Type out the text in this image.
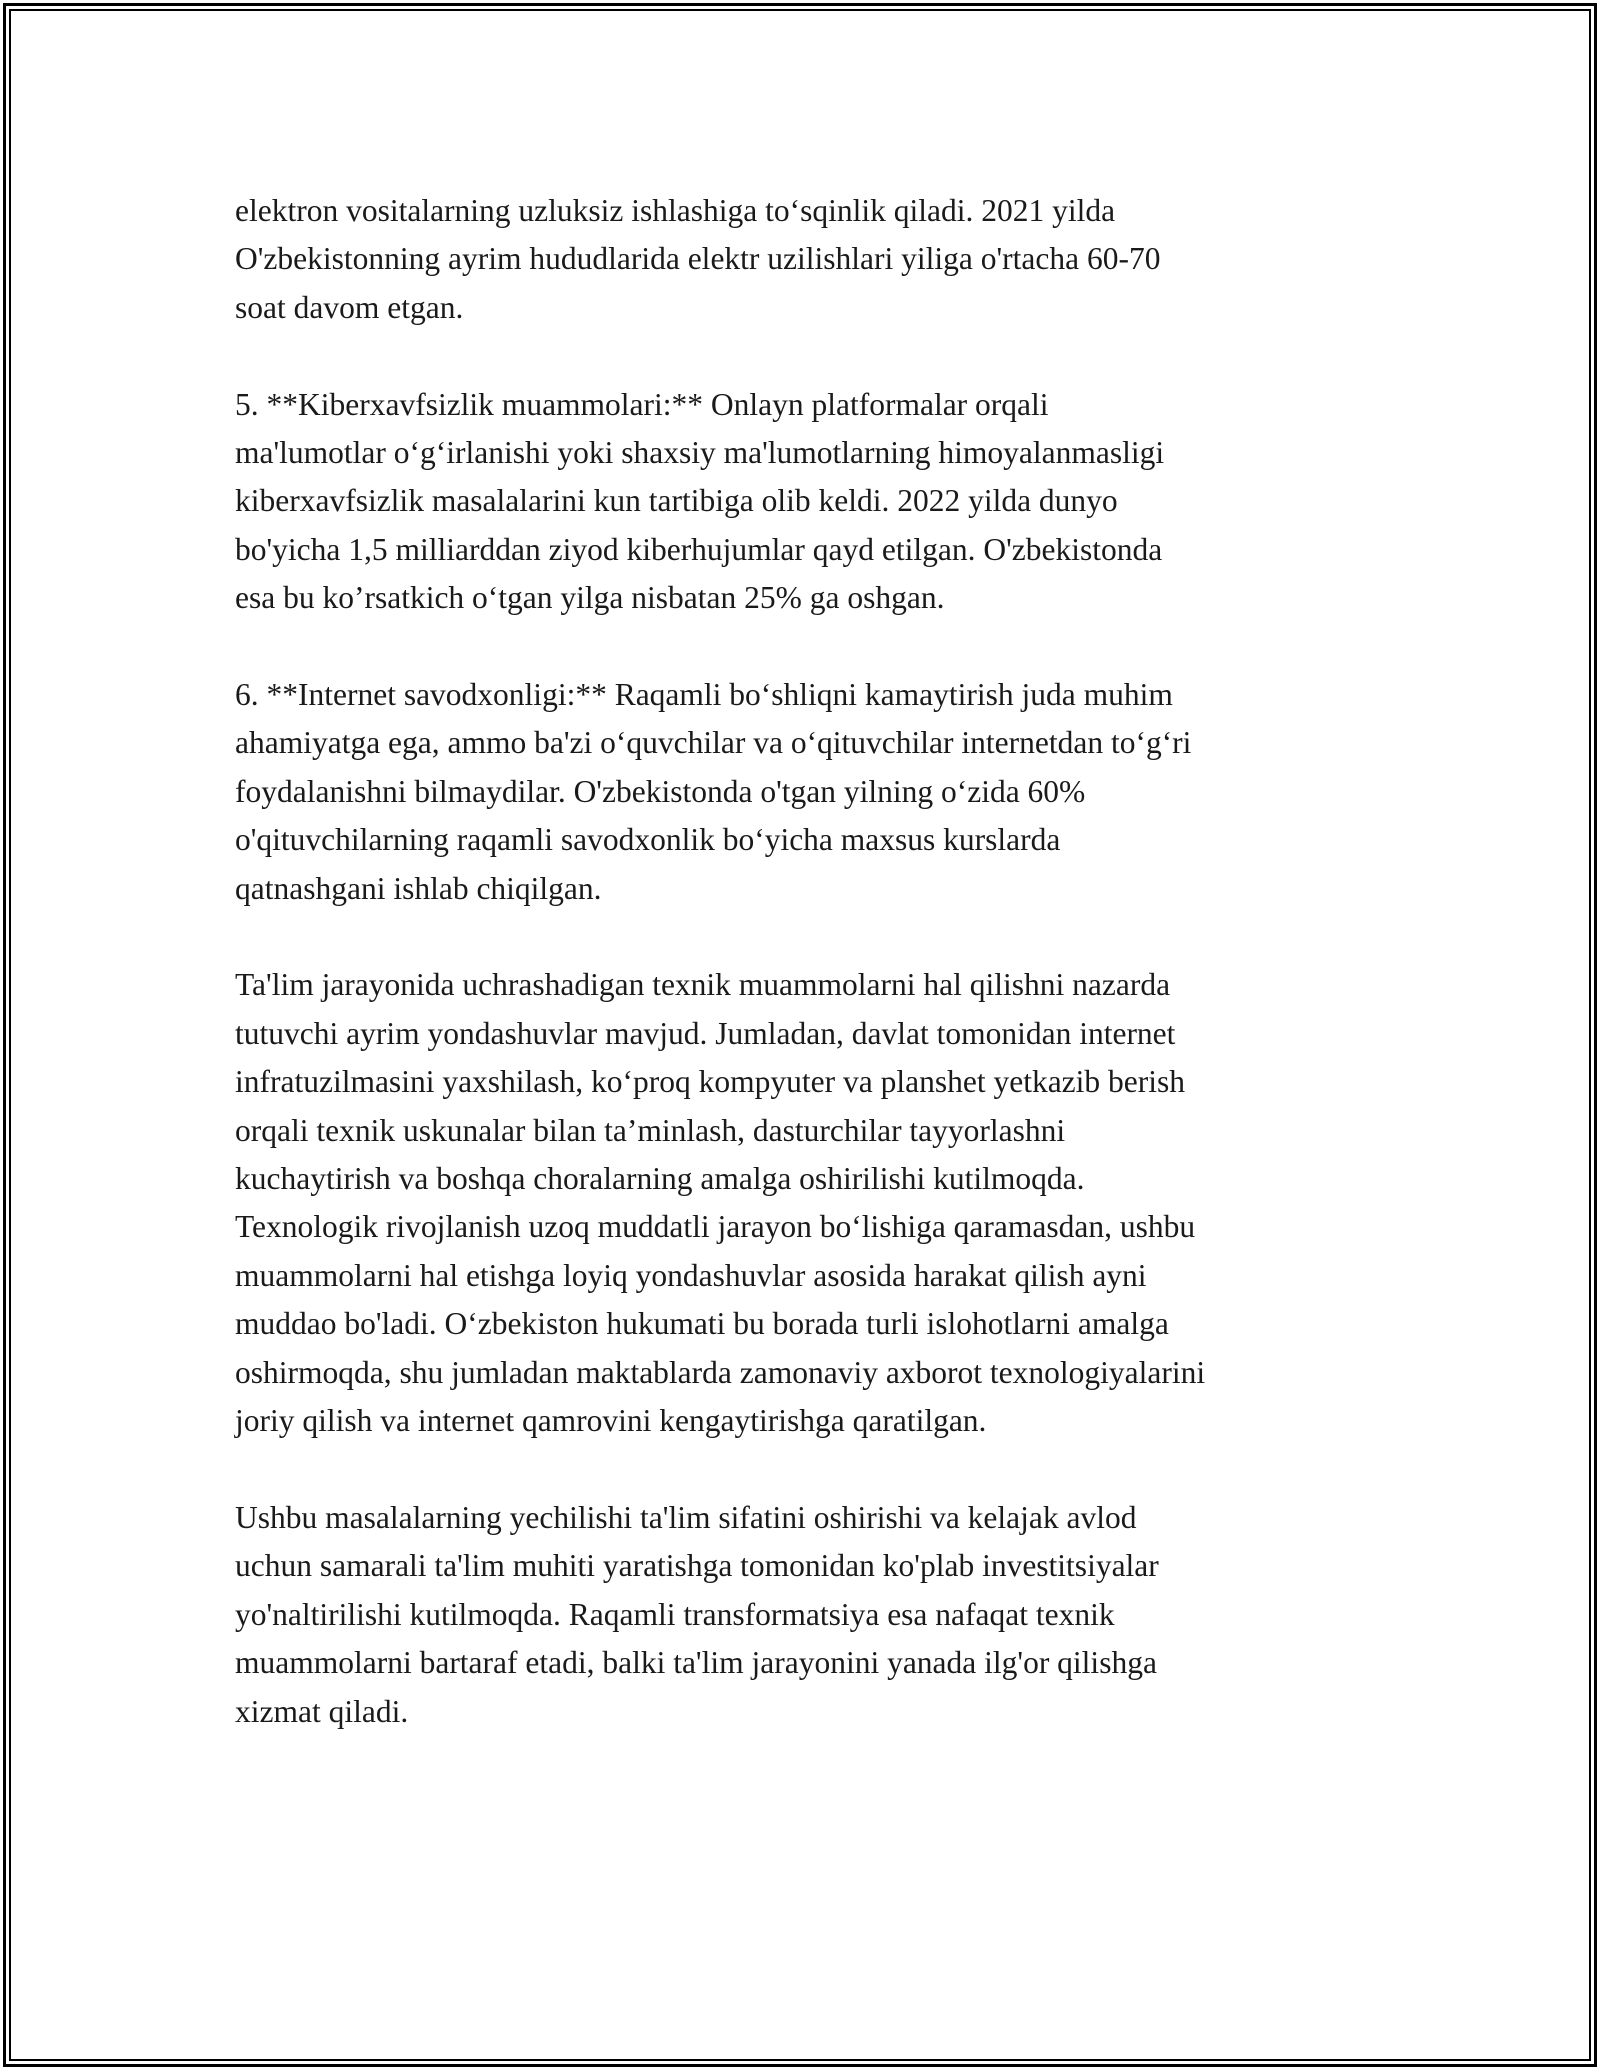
elektron vositalarning uzluksiz ishlashiga to‘sqinlik qiladi. 2021 yilda
O'zbekistonning ayrim hududlarida elektr uzilishlari yiliga o'rtacha 60-70
soat davom etgan.

5. **Kiberxavfsizlik muammolari:** Onlayn platformalar orqali
ma'lumotlar o‘g‘irlanishi yoki shaxsiy ma'lumotlarning himoyalanmasligi
kiberxavfsizlik masalalarini kun tartibiga olib keldi. 2022 yilda dunyo
bo'yicha 1,5 milliarddan ziyod kiberhujumlar qayd etilgan. O'zbekistonda
esa bu ko’rsatkich o‘tgan yilga nisbatan 25% ga oshgan.

6. **Internet savodxonligi:** Raqamli bo‘shliqni kamaytirish juda muhim
ahamiyatga ega, ammo ba'zi o‘quvchilar va o‘qituvchilar internetdan to‘g‘ri
foydalanishni bilmaydilar. O'zbekistonda o'tgan yilning o‘zida 60%
o'qituvchilarning raqamli savodxonlik bo‘yicha maxsus kurslarda
qatnashgani ishlab chiqilgan.

Ta'lim jarayonida uchrashadigan texnik muammolarni hal qilishni nazarda
tutuvchi ayrim yondashuvlar mavjud. Jumladan, davlat tomonidan internet
infratuzilmasini yaxshilash, ko‘proq kompyuter va planshet yetkazib berish
orqali texnik uskunalar bilan ta’minlash, dasturchilar tayyorlashni
kuchaytirish va boshqa choralarning amalga oshirilishi kutilmoqda.
Texnologik rivojlanish uzoq muddatli jarayon bo‘lishiga qaramasdan, ushbu
muammolarni hal etishga loyiq yondashuvlar asosida harakat qilish ayni
muddao bo'ladi. O‘zbekiston hukumati bu borada turli islohotlarni amalga
oshirmoqda, shu jumladan maktablarda zamonaviy axborot texnologiyalarini
joriy qilish va internet qamrovini kengaytirishga qaratilgan.

Ushbu masalalarning yechilishi ta'lim sifatini oshirishi va kelajak avlod
uchun samarali ta'lim muhiti yaratishga tomonidan ko'plab investitsiyalar
yo'naltirilishi kutilmoqda. Raqamli transformatsiya esa nafaqat texnik
muammolarni bartaraf etadi, balki ta'lim jarayonini yanada ilg'or qilishga
xizmat qiladi.
